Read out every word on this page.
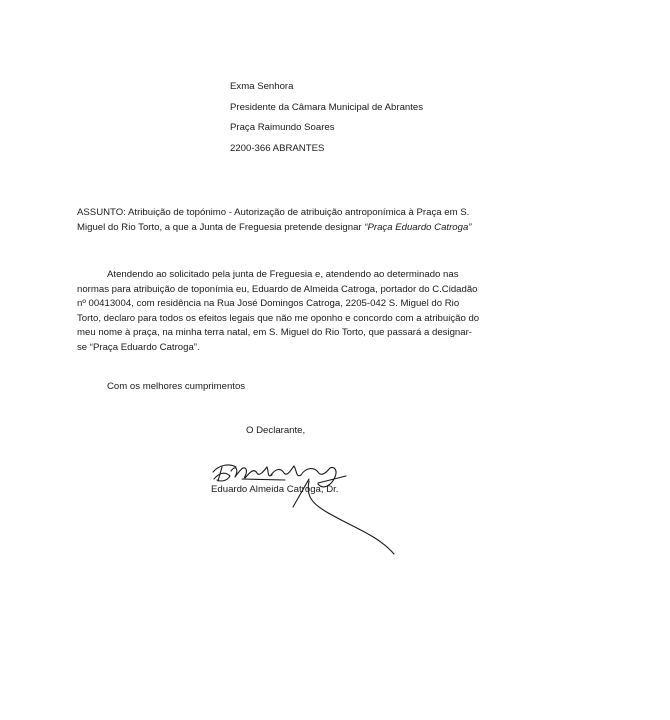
Exma Senhora
Presidente da Câmara Municipal de Abrantes
Praça Raimundo Soares
2200-366 ABRANTES

ASSUNTO: Atribuição de topónimo - Autorização de atribuição antroponímica à Praça em S. Miguel do Rio Torto, a que a Junta de Freguesia pretende designar “Praça Eduardo Catroga”

Atendendo ao solicitado pela junta de Freguesia e, atendendo ao determinado nas normas para atribuição de toponímia eu, Eduardo de Almeida Catroga, portador do C.Cidadão nº 00413004, com residência na Rua José Domingos Catroga, 2205-042 S. Miguel do Rio Torto, declaro para todos os efeitos legais que não me oponho e concordo com a atribuição do meu nome à praça, na minha terra natal, em S. Miguel do Rio Torto, que passará a designar-se “Praça Eduardo Catroga”.

Com os melhores cumprimentos
O Declarante,
Eduardo Almeida Catroga, Dr.
